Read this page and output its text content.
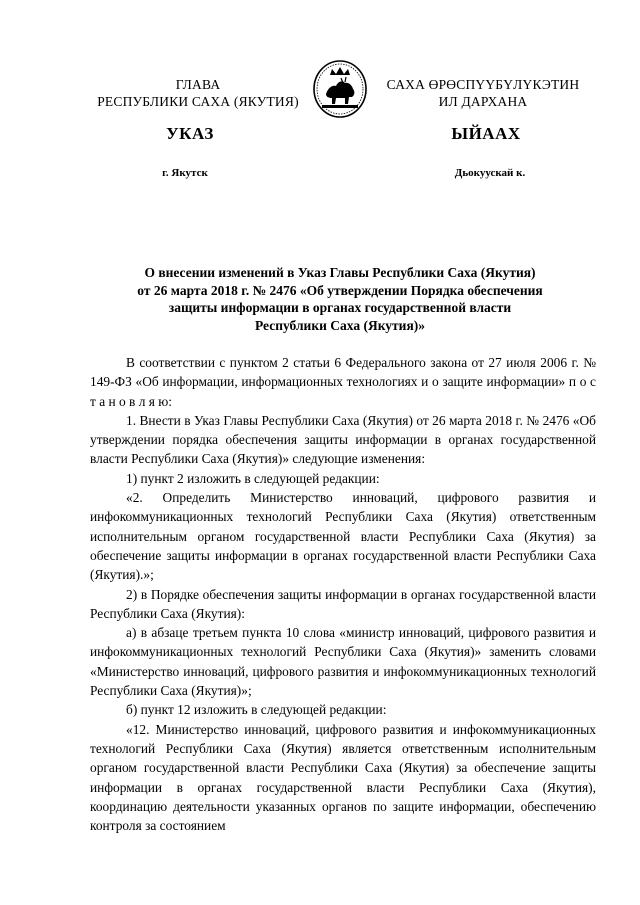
ГЛАВА
РЕСПУБЛИКИ САХА (ЯКУТИЯ)
САХА ӨРӨСПҮҮБҮЛҮКЭТИН
ИЛ ДАРХАНА
УКАЗ	ЫЙААХ
г. Якутск	Дьокуускай к.
О внесении изменений в Указ Главы Республики Саха (Якутия)
от 26 марта 2018 г. № 2476 «Об утверждении Порядка обеспечения
защиты информации в органах государственной власти
Республики Саха (Якутия)»

В соответствии с пунктом 2 статьи 6 Федерального закона от 27 июля 2006 г. № 149-ФЗ «Об информации, информационных технологиях и о защите информации» п о с т а н о в л я ю:

1. Внести в Указ Главы Республики Саха (Якутия) от 26 марта 2018 г. № 2476 «Об утверждении порядка обеспечения защиты информации в органах государственной власти Республики Саха (Якутия)» следующие изменения:

1) пункт 2 изложить в следующей редакции:

«2. Определить Министерство инноваций, цифрового развития и инфокоммуникационных технологий Республики Саха (Якутия) ответственным исполнительным органом государственной власти Республики Саха (Якутия) за обеспечение защиты информации в органах государственной власти Республики Саха (Якутия).»;

2) в Порядке обеспечения защиты информации в органах государственной власти Республики Саха (Якутия):

а) в абзаце третьем пункта 10 слова «министр инноваций, цифрового развития и инфокоммуникационных технологий Республики Саха (Якутия)» заменить словами «Министерство инноваций, цифрового развития и инфокоммуникационных технологий Республики Саха (Якутия)»;

б) пункт 12 изложить в следующей редакции:

«12. Министерство инноваций, цифрового развития и инфокоммуникационных технологий Республики Саха (Якутия) является ответственным исполнительным органом государственной власти Республики Саха (Якутия) за обеспечение защиты информации в органах государственной власти Республики Саха (Якутия), координацию деятельности указанных органов по защите информации, обеспечению контроля за состоянием
